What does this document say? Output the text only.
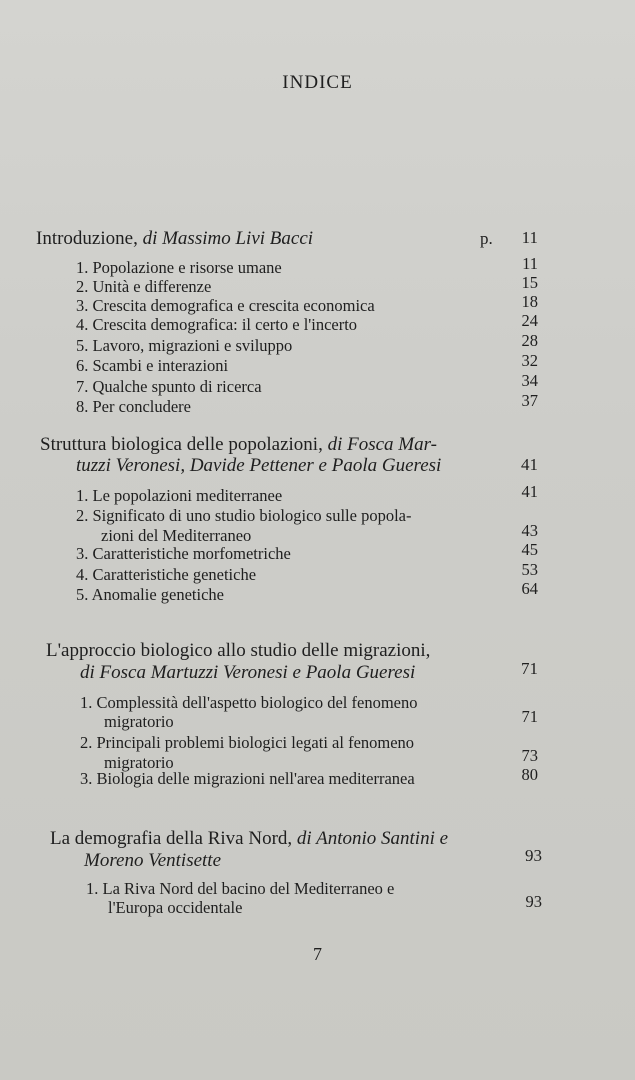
INDICE
Introduzione, di Massimo Livi Bacci	p.	11
1. Popolazione e risorse umane	11
2. Unità e differenze	15
3. Crescita demografica e crescita economica	18
4. Crescita demografica: il certo e l'incerto	24
5. Lavoro, migrazioni e sviluppo	28
6. Scambi e interazioni	32
7. Qualche spunto di ricerca	34
8. Per concludere	37
Struttura biologica delle popolazioni, di Fosca Mar-
tuzzi Veronesi, Davide Pettener e Paola Gueresi	41
1. Le popolazioni mediterranee	41
2. Significato di uno studio biologico sulle popola-
zioni del Mediterraneo	43
3. Caratteristiche morfometriche	45
4. Caratteristiche genetiche	53
5. Anomalie genetiche	64
L'approccio biologico allo studio delle migrazioni,
di Fosca Martuzzi Veronesi e Paola Gueresi	71
1. Complessità dell'aspetto biologico del fenomeno
migratorio	71
2. Principali problemi biologici legati al fenomeno
migratorio	73
3. Biologia delle migrazioni nell'area mediterranea	80
La demografia della Riva Nord, di Antonio Santini e
Moreno Ventisette	93
1. La Riva Nord del bacino del Mediterraneo e
l'Europa occidentale	93
7
